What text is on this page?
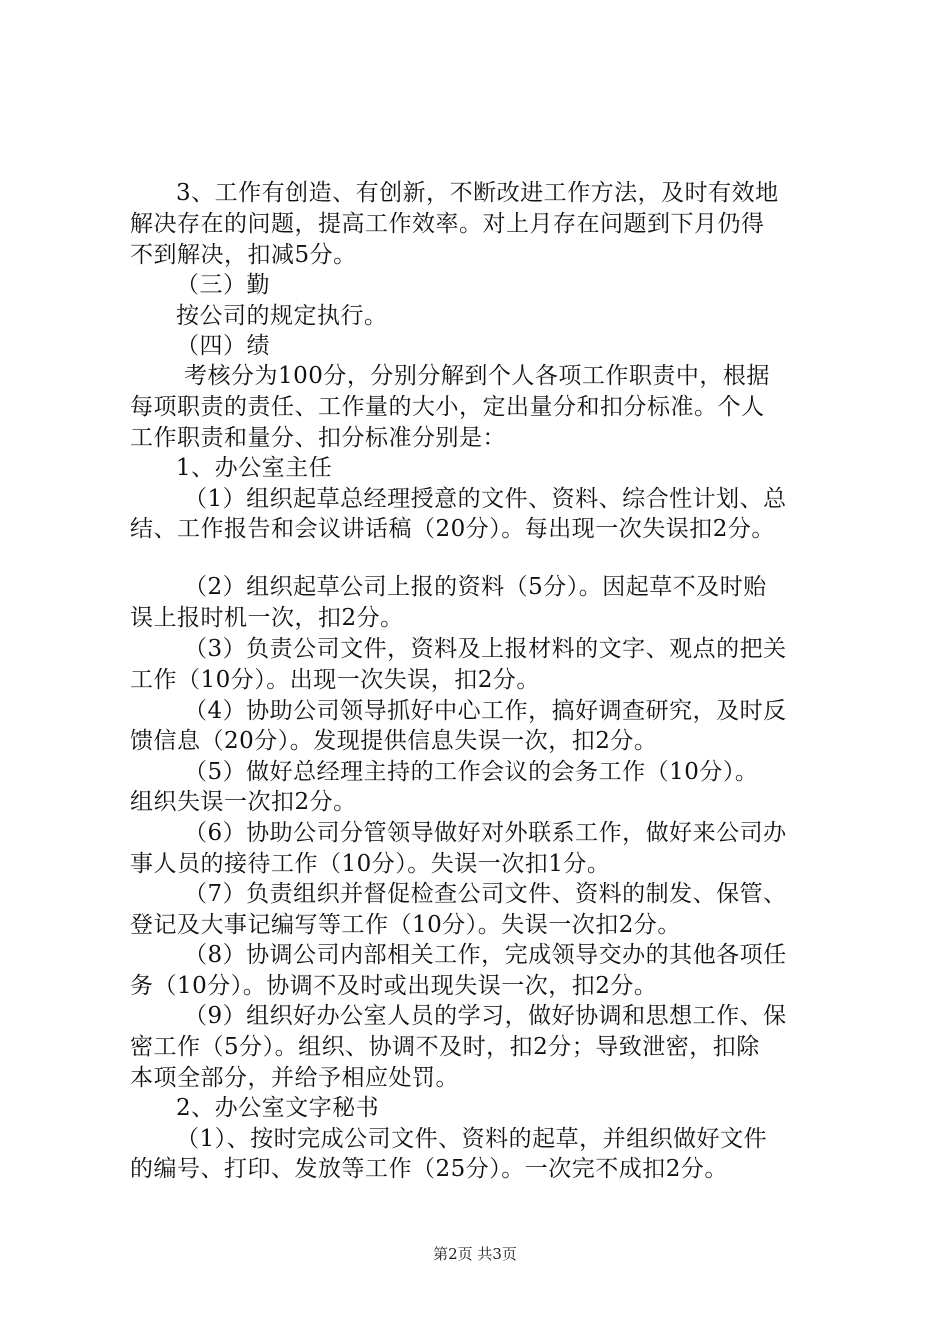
3、工作有创造、有创新，不断改进工作方法，及时有效地
解决存在的问题，提高工作效率。对上月存在问题到下月仍得
不到解决，扣减5分。
（三）勤
按公司的规定执行。
（四）绩
考核分为100分，分别分解到个人各项工作职责中，根据
每项职责的责任、工作量的大小，定出量分和扣分标准。个人
工作职责和量分、扣分标准分别是：
1、办公室主任
（1）组织起草总经理授意的文件、资料、综合性计划、总
结、工作报告和会议讲话稿（20分）。每出现一次失误扣2分。
（2）组织起草公司上报的资料（5分）。因起草不及时贻
误上报时机一次，扣2分。
（3）负责公司文件，资料及上报材料的文字、观点的把关
工作（10分）。出现一次失误，扣2分。
（4）协助公司领导抓好中心工作，搞好调查研究，及时反
馈信息（20分）。发现提供信息失误一次，扣2分。
（5）做好总经理主持的工作会议的会务工作（10分）。
组织失误一次扣2分。
（6）协助公司分管领导做好对外联系工作，做好来公司办
事人员的接待工作（10分）。失误一次扣1分。
（7）负责组织并督促检查公司文件、资料的制发、保管、
登记及大事记编写等工作（10分）。失误一次扣2分。
（8）协调公司内部相关工作，完成领导交办的其他各项任
务（10分）。协调不及时或出现失误一次，扣2分。
（9）组织好办公室人员的学习，做好协调和思想工作、保
密工作（5分）。组织、协调不及时，扣2分；导致泄密，扣除
本项全部分，并给予相应处罚。
2、办公室文字秘书
（1）、按时完成公司文件、资料的起草，并组织做好文件
的编号、打印、发放等工作（25分）。一次完不成扣2分。
第2页 共3页
